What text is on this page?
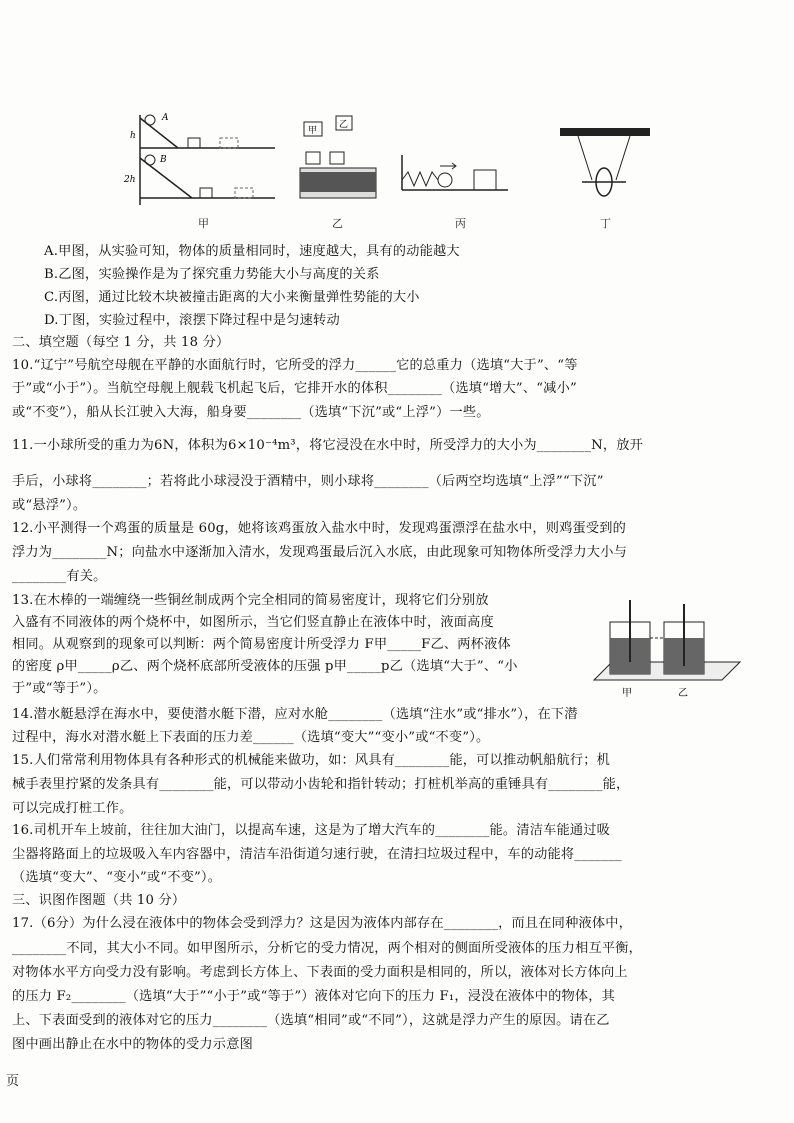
A
B
h
2h
甲
甲
乙
乙	丙	丁
A.甲图，从实验可知，物体的质量相同时，速度越大，具有的动能越大
B.乙图，实验操作是为了探究重力势能大小与高度的关系
C.丙图，通过比较木块被撞击距离的大小来衡量弹性势能的大小
D.丁图，实验过程中，滚摆下降过程中是匀速转动
二、填空题（每空 1 分，共 18 分）
10.“辽宁”号航空母舰在平静的水面航行时，它所受的浮力______它的总重力（选填“大于”、“等
于”或“小于”）。当航空母舰上舰载飞机起飞后，它排开水的体积________（选填“增大”、“减小”
或“不变”），船从长江驶入大海，船身要________（选填“下沉”或“上浮”）一些。
11.一小球所受的重力为6N，体积为6×10⁻⁴m³，将它浸没在水中时，所受浮力的大小为________N，放开
手后，小球将________；若将此小球浸没于酒精中，则小球将________（后两空均选填“上浮”“下沉”
或“悬浮”）。
12.小平测得一个鸡蛋的质量是 60g，她将该鸡蛋放入盐水中时，发现鸡蛋漂浮在盐水中，则鸡蛋受到的
浮力为________N；向盐水中逐渐加入清水，发现鸡蛋最后沉入水底，由此现象可知物体所受浮力大小与
________有关。
13.在木棒的一端缠绕一些铜丝制成两个完全相同的简易密度计，现将它们分别放
入盛有不同液体的两个烧杯中，如图所示，当它们竖直静止在液体中时，液面高度
相同。从观察到的现象可以判断：两个简易密度计所受浮力 F甲_____F乙、两杯液体
的密度 ρ甲_____ρ乙、两个烧杯底部所受液体的压强 p甲_____p乙（选填“大于”、“小
于”或“等于”）。	甲	乙
14.潜水艇悬浮在海水中，要使潜水艇下潜，应对水舱________（选填“注水”或“排水”），在下潜
过程中，海水对潜水艇上下表面的压力差______（选填“变大”“变小”或“不变”）。
15.人们常常利用物体具有各种形式的机械能来做功，如：风具有________能，可以推动帆船航行；机
械手表里拧紧的发条具有________能，可以带动小齿轮和指针转动；打桩机举高的重锤具有________能，
可以完成打桩工作。
16.司机开车上坡前，往往加大油门，以提高车速，这是为了增大汽车的________能。清洁车能通过吸
尘器将路面上的垃圾吸入车内容器中，清洁车沿街道匀速行驶，在清扫垃圾过程中，车的动能将_______
（选填“变大”、“变小”或“不变”）。
三、识图作图题（共 10 分）
17.（6分）为什么浸在液体中的物体会受到浮力？这是因为液体内部存在________，而且在同种液体中，
________不同，其大小不同。如甲图所示，分析它的受力情况，两个相对的侧面所受液体的压力相互平衡，
对物体水平方向受力没有影响。考虑到长方体上、下表面的受力面积是相同的，所以，液体对长方体向上
的压力 F₂________（选填“大于”“小于”或“等于”）液体对它向下的压力 F₁，浸没在液体中的物体，其
上、下表面受到的液体对它的压力________（选填“相同”或“不同”），这就是浮力产生的原因。请在乙
图中画出静止在水中的物体的受力示意图
页
